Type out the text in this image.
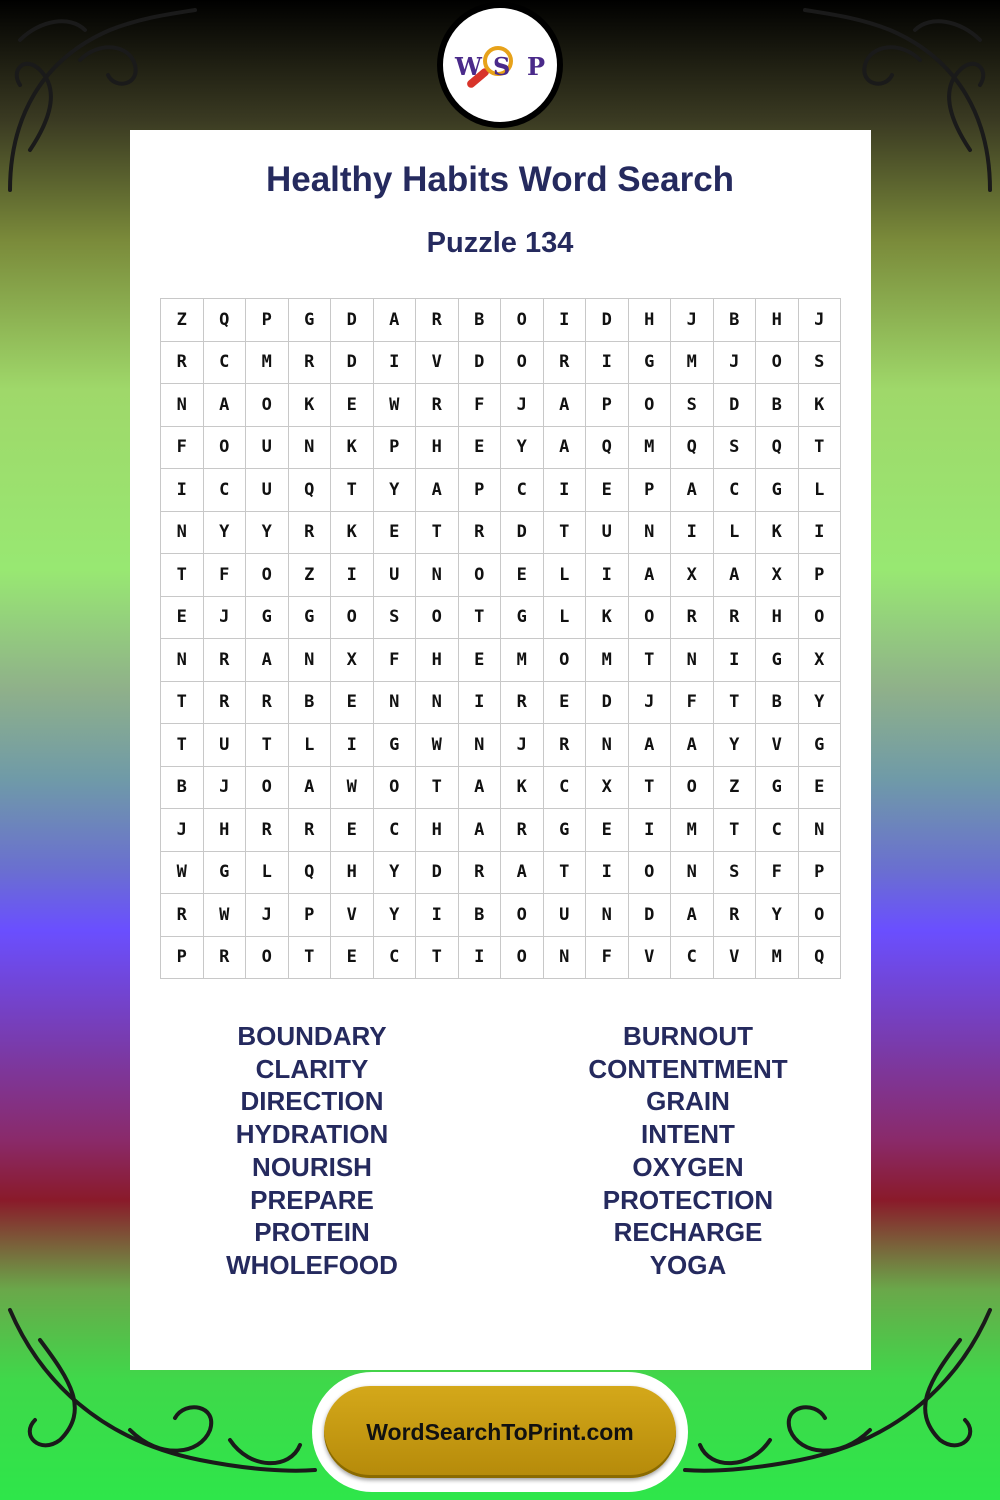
W S P
Healthy Habits Word Search
Puzzle 134
Z	Q	P	G	D	A	R	B	O	I	D	H	J	B	H	J
R	C	M	R	D	I	V	D	O	R	I	G	M	J	O	S
N	A	O	K	E	W	R	F	J	A	P	O	S	D	B	K
F	O	U	N	K	P	H	E	Y	A	Q	M	Q	S	Q	T
I	C	U	Q	T	Y	A	P	C	I	E	P	A	C	G	L
N	Y	Y	R	K	E	T	R	D	T	U	N	I	L	K	I
T	F	O	Z	I	U	N	O	E	L	I	A	X	A	X	P
E	J	G	G	O	S	O	T	G	L	K	O	R	R	H	O
N	R	A	N	X	F	H	E	M	O	M	T	N	I	G	X
T	R	R	B	E	N	N	I	R	E	D	J	F	T	B	Y
T	U	T	L	I	G	W	N	J	R	N	A	A	Y	V	G
B	J	O	A	W	O	T	A	K	C	X	T	O	Z	G	E
J	H	R	R	E	C	H	A	R	G	E	I	M	T	C	N
W	G	L	Q	H	Y	D	R	A	T	I	O	N	S	F	P
R	W	J	P	V	Y	I	B	O	U	N	D	A	R	Y	O
P	R	O	T	E	C	T	I	O	N	F	V	C	V	M	Q
BOUNDARY
CLARITY
DIRECTION
HYDRATION
NOURISH
PREPARE
PROTEIN
WHOLEFOOD
BURNOUT
CONTENTMENT
GRAIN
INTENT
OXYGEN
PROTECTION
RECHARGE
YOGA
WordSearchToPrint.com
